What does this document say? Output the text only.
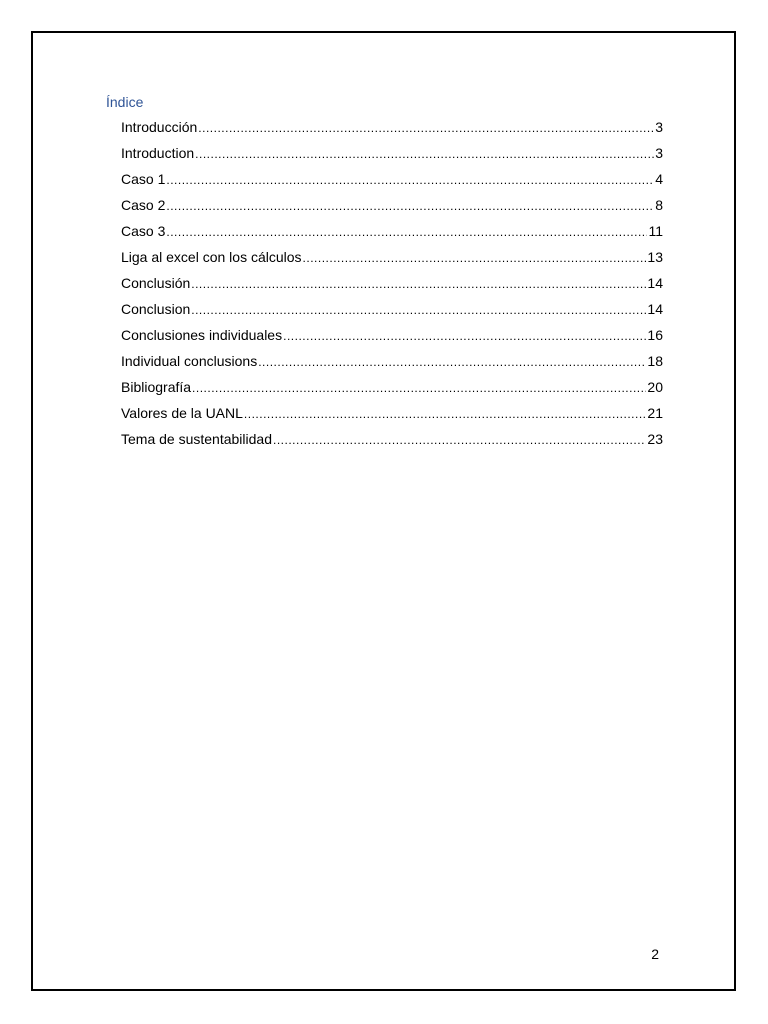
Índice
Introducción .....	3
Introduction .....	3
Caso 1 .....	4
Caso 2 .....	8
Caso 3 .....	11
Liga al excel con los cálculos .....	13
Conclusión .....	14
Conclusion .....	14
Conclusiones individuales .....	16
Individual conclusions .....	18
Bibliografía .....	20
Valores de la UANL .....	21
Tema de sustentabilidad .....	23
2
